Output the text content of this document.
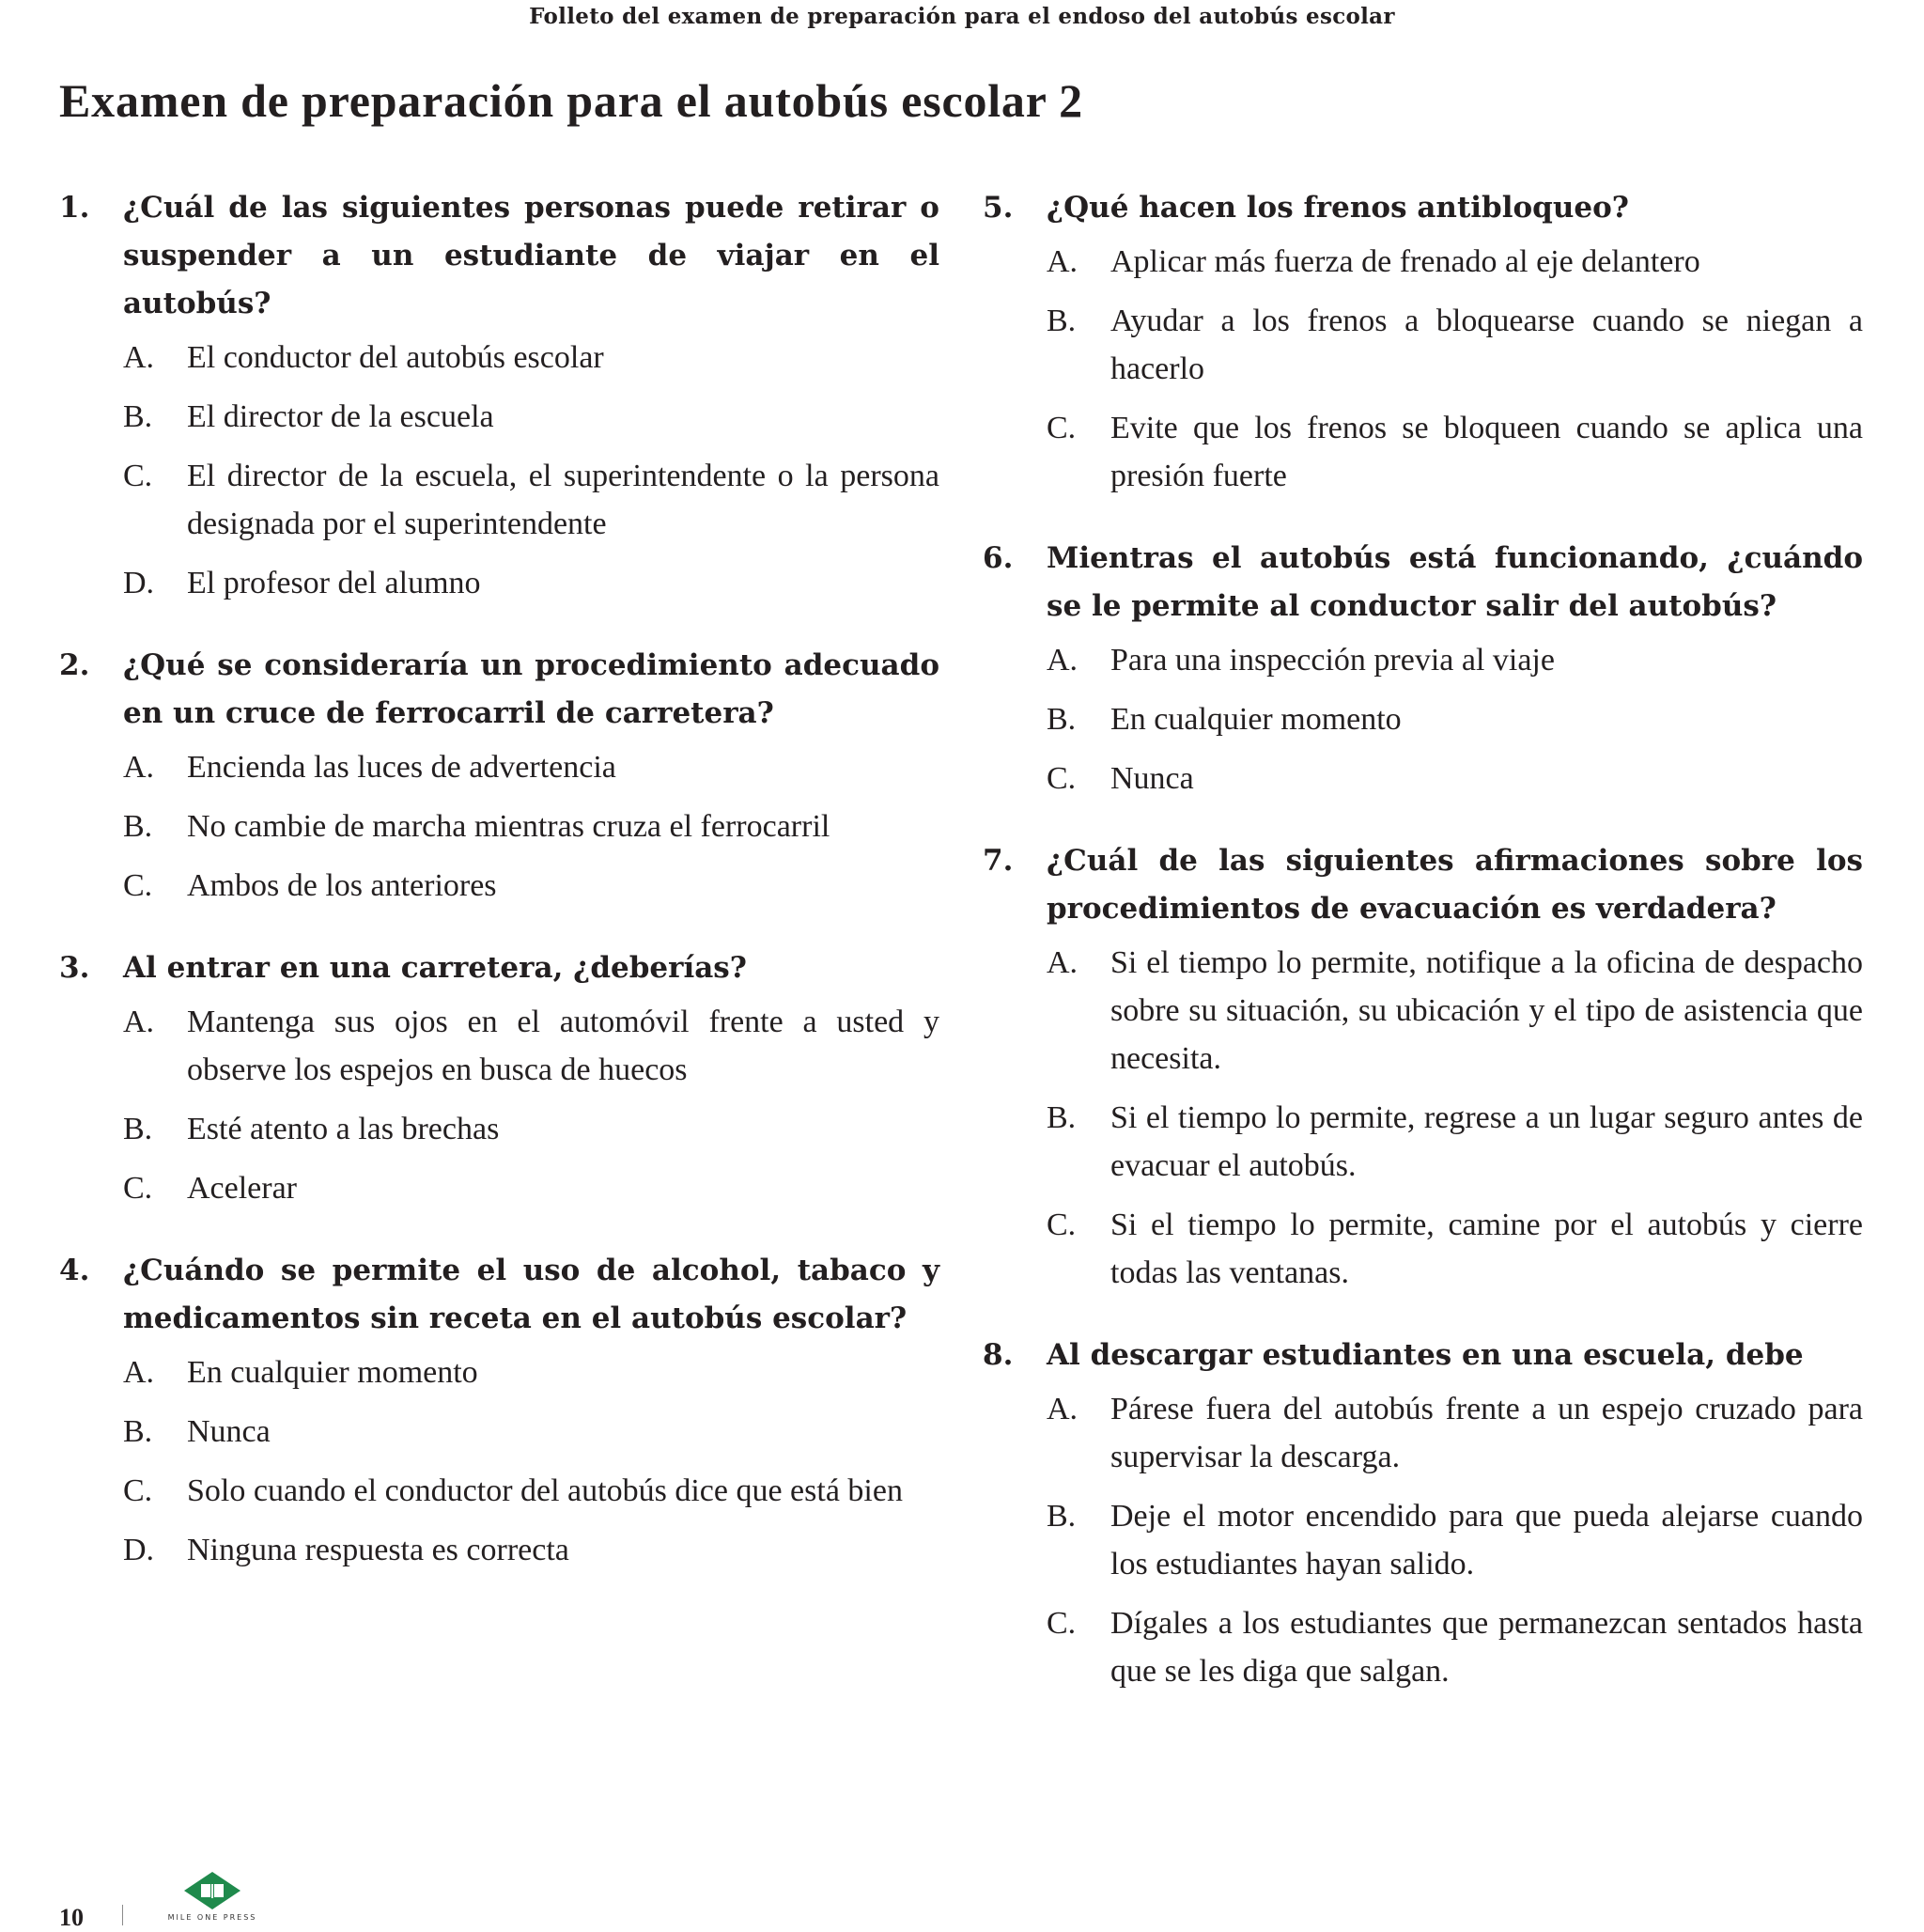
Folleto del examen de preparación para el endoso del autobús escolar
Examen de preparación para el autobús escolar 2
1.	¿Cuál de las siguientes personas puede retirar o suspender a un estudiante de viajar en el autobús?
A.	El conductor del autobús escolar
B.	El director de la escuela
C.	El director de la escuela, el superintendente o la persona designada por el superintendente
D.	El profesor del alumno
2.	¿Qué se consideraría un procedimiento adecuado en un cruce de ferrocarril de carretera?
A.	Encienda las luces de advertencia
B.	No cambie de marcha mientras cruza el ferrocarril
C.	Ambos de los anteriores
3.	Al entrar en una carretera, ¿deberías?
A.	Mantenga sus ojos en el automóvil frente a usted y observe los espejos en busca de huecos
B.	Esté atento a las brechas
C.	Acelerar
4.	¿Cuándo se permite el uso de alcohol, tabaco y medicamentos sin receta en el autobús escolar?
A.	En cualquier momento
B.	Nunca
C.	Solo cuando el conductor del autobús dice que está bien
D.	Ninguna respuesta es correcta
5.	¿Qué hacen los frenos antibloqueo?
A.	Aplicar más fuerza de frenado al eje delantero
B.	Ayudar a los frenos a bloquearse cuando se niegan a hacerlo
C.	Evite que los frenos se bloqueen cuando se aplica una presión fuerte
6.	Mientras el autobús está funcionando, ¿cuándo se le permite al conductor salir del autobús?
A.	Para una inspección previa al viaje
B.	En cualquier momento
C.	Nunca
7.	¿Cuál de las siguientes afirmaciones sobre los procedimientos de evacuación es verdadera?
A.	Si el tiempo lo permite, notifique a la oficina de despacho sobre su situación, su ubicación y el tipo de asistencia que necesita.
B.	Si el tiempo lo permite, regrese a un lugar seguro antes de evacuar el autobús.
C.	Si el tiempo lo permite, camine por el autobús y cierre todas las ventanas.
8.	Al descargar estudiantes en una escuela, debe
A.	Párese fuera del autobús frente a un espejo cruzado para supervisar la descarga.
B.	Deje el motor encendido para que pueda alejarse cuando los estudiantes hayan salido.
C.	Dígales a los estudiantes que permanezcan sentados hasta que se les diga que salgan.
10	MILE ONE PRESS
